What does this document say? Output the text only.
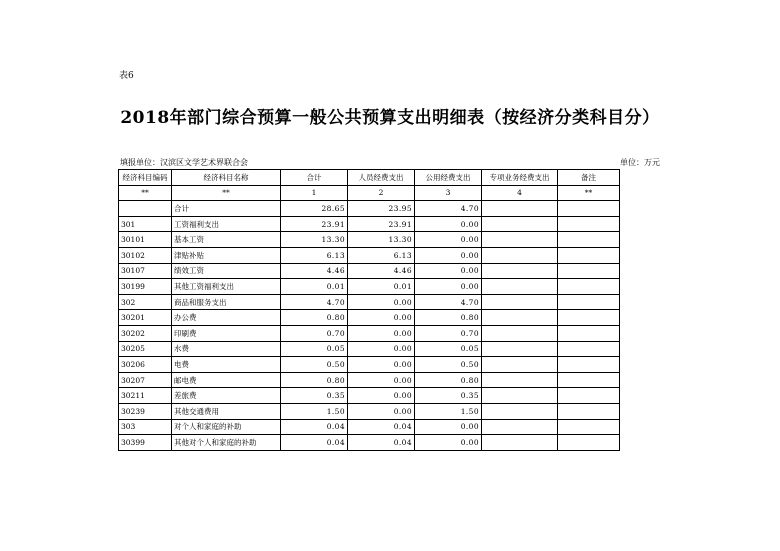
表6
2018年部门综合预算一般公共预算支出明细表（按经济分类科目分）
填报单位：汉滨区文学艺术界联合会	单位：万元
经济科目编码	经济科目名称	合计	人员经费支出	公用经费支出	专项业务经费支出	备注
**	**	1	2	3	4	**
	合计	28.65	23.95	4.70		
301	工资福利支出	23.91	23.91	0.00		
30101	基本工资	13.30	13.30	0.00		
30102	津贴补贴	6.13	6.13	0.00		
30107	绩效工资	4.46	4.46	0.00		
30199	其他工资福利支出	0.01	0.01	0.00		
302	商品和服务支出	4.70	0.00	4.70		
30201	办公费	0.80	0.00	0.80		
30202	印刷费	0.70	0.00	0.70		
30205	水费	0.05	0.00	0.05		
30206	电费	0.50	0.00	0.50		
30207	邮电费	0.80	0.00	0.80		
30211	差旅费	0.35	0.00	0.35		
30239	其他交通费用	1.50	0.00	1.50		
303	对个人和家庭的补助	0.04	0.04	0.00		
30399	其他对个人和家庭的补助	0.04	0.04	0.00		
